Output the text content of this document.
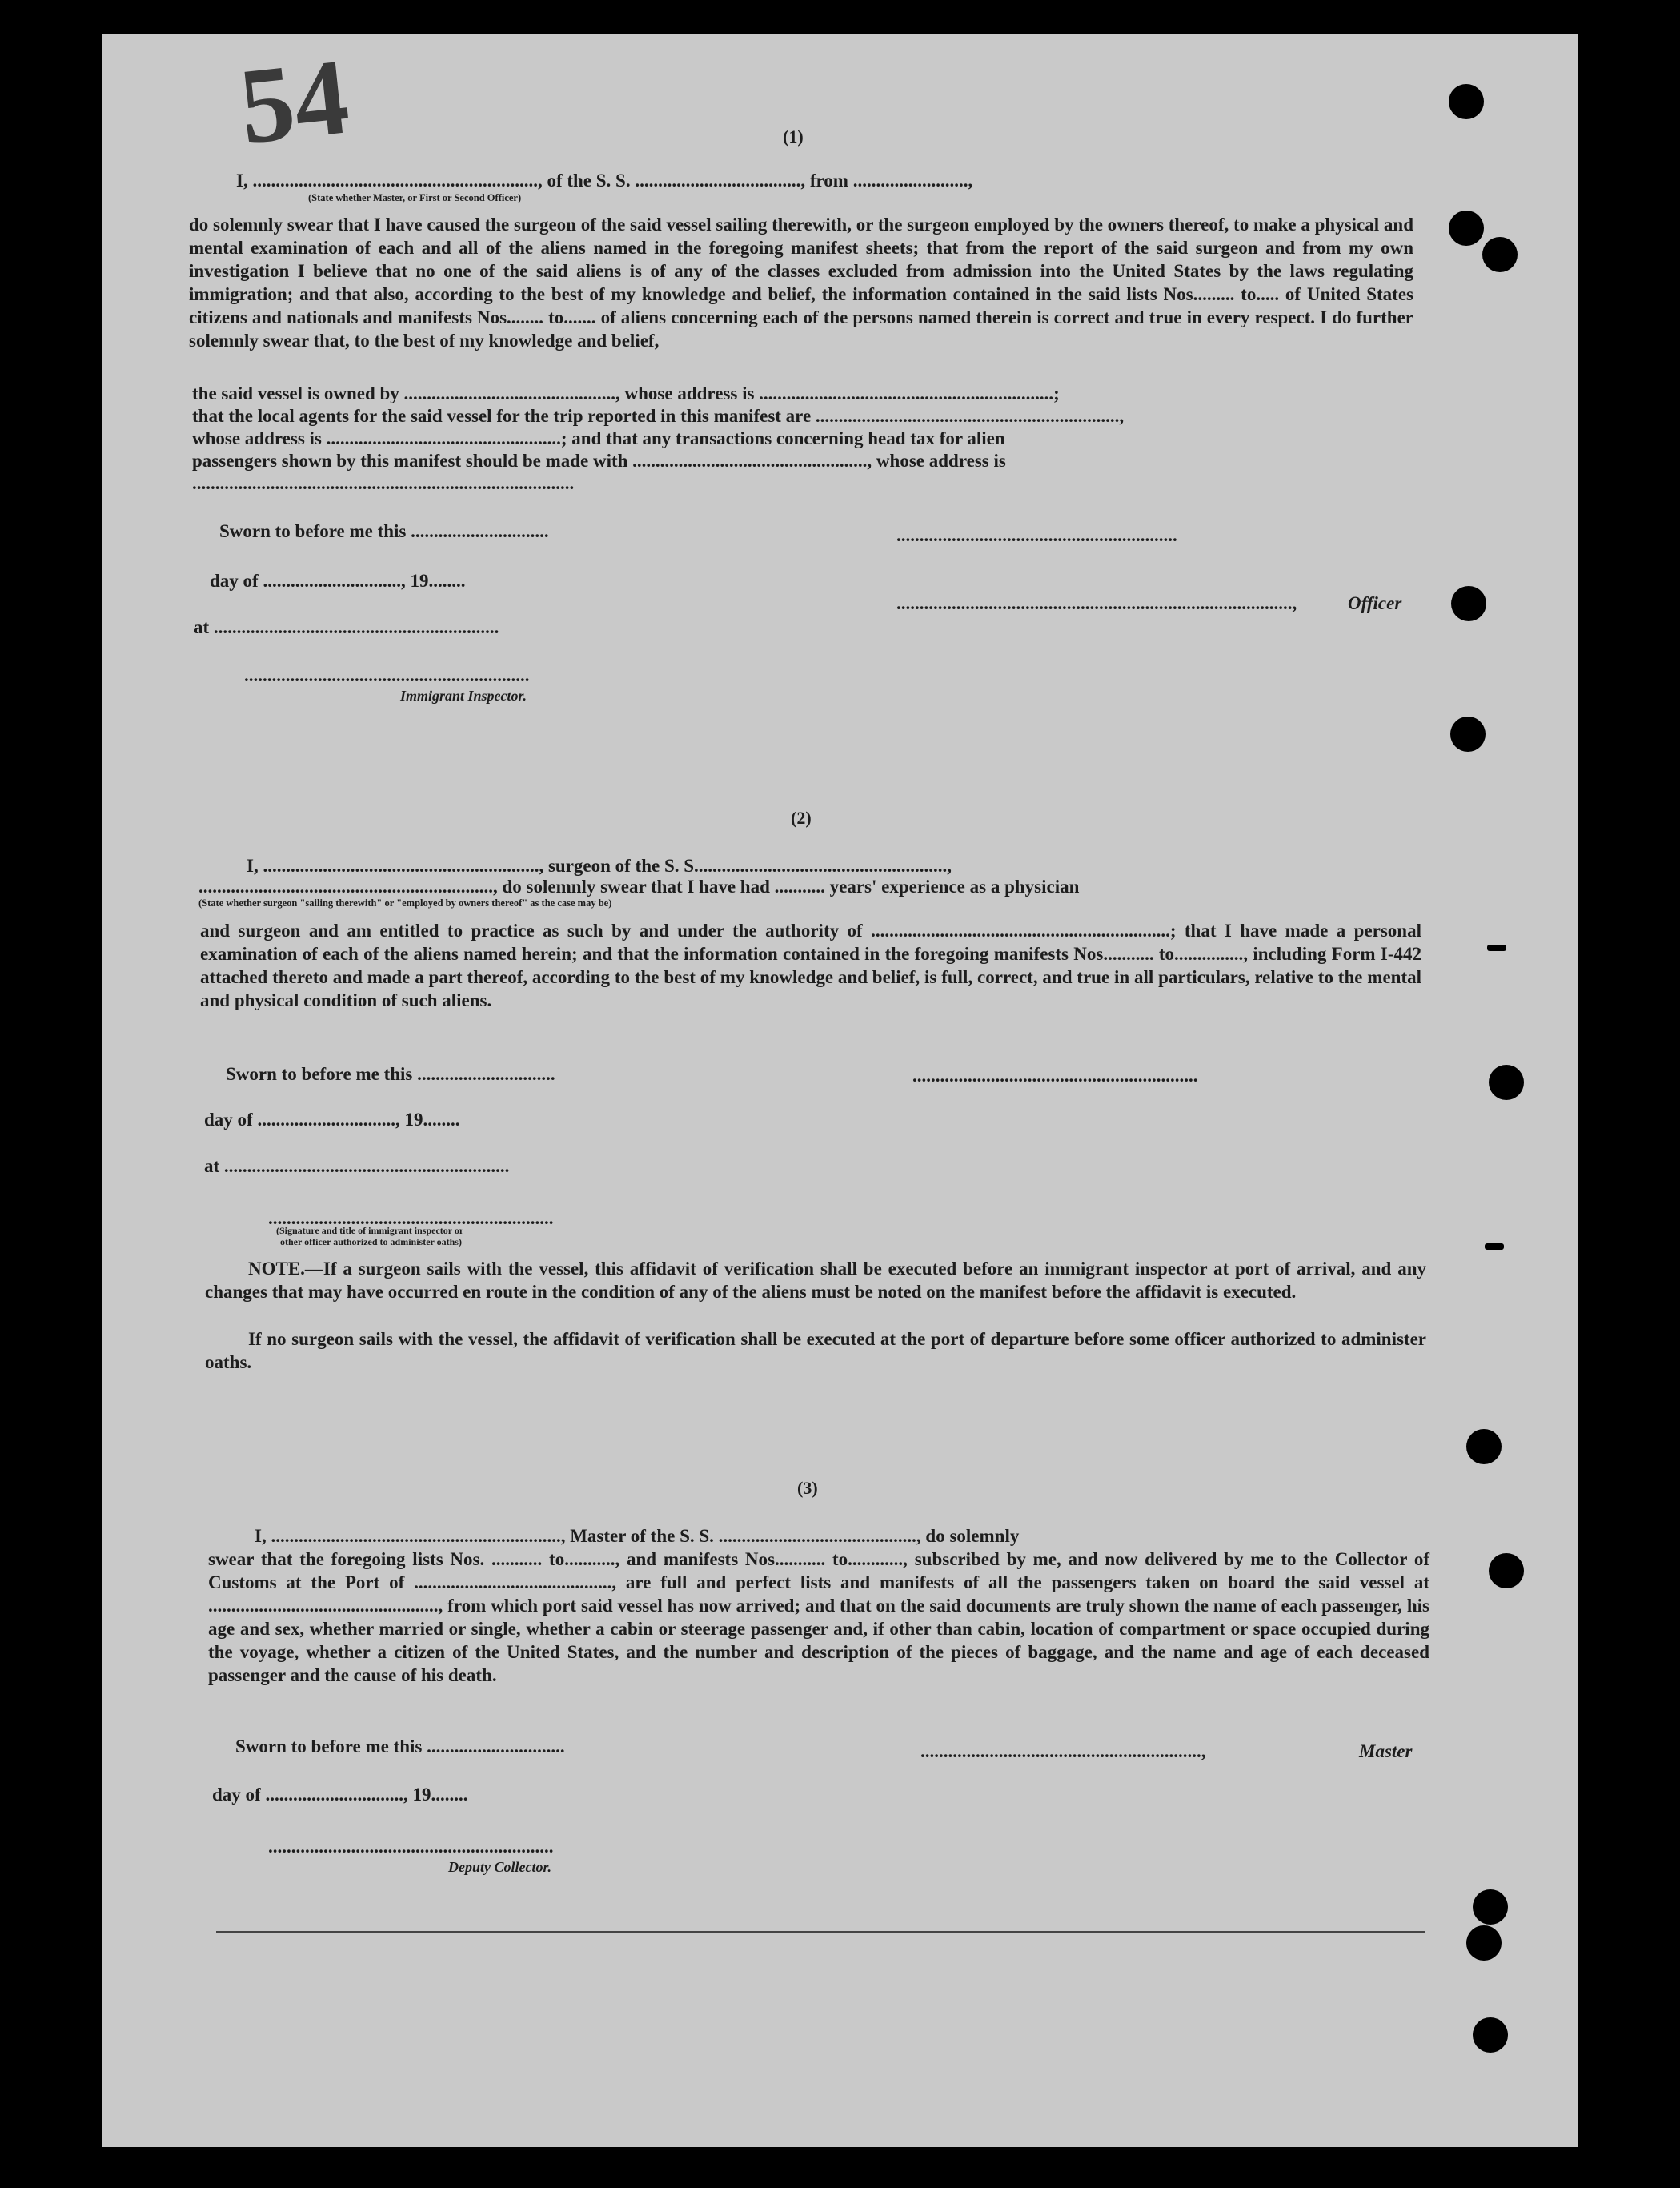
54	(1)
I, .............................................................., of the S. S. ...................................., from .........................,
(State whether Master, or First or Second Officer)
do solemnly swear that I have caused the surgeon of the said vessel sailing therewith, or the surgeon employed by the owners thereof, to make a physical and mental examination of each and all of the aliens named in the foregoing manifest sheets; that from the report of the said surgeon and from my own investigation I believe that no one of the said aliens is of any of the classes excluded from admission into the United States by the laws regulating immigration; and that also, according to the best of my knowledge and belief, the information contained in the said lists Nos......... to..... of United States citizens and nationals and manifests Nos........ to....... of aliens concerning each of the persons named therein is correct and true in every respect. I do further solemnly swear that, to the best of my knowledge and belief,
the said vessel is owned by .............................................., whose address is ................................................................;
that the local agents for the said vessel for the trip reported in this manifest are ..................................................................,
whose address is ...................................................; and that any transactions concerning head tax for alien
passengers shown by this manifest should be made with ..................................................., whose address is
...................................................................................
Sworn to before me this ..............................	.............................................................
day of .............................., 19........
......................................................................................,	Officer
at ..............................................................
..............................................................
Immigrant Inspector.
(2)
I, ............................................................, surgeon of the S. S.......................................................,
................................................................, do solemnly swear that I have had ........... years' experience as a physician
(State whether surgeon "sailing therewith" or "employed by owners thereof" as the case may be)
and surgeon and am entitled to practice as such by and under the authority of .................................................................; that I have made a personal examination of each of the aliens named herein; and that the information contained in the foregoing manifests Nos........... to..............., including Form I-442 attached thereto and made a part thereof, according to the best of my knowledge and belief, is full, correct, and true in all particulars, relative to the mental and physical condition of such aliens.
Sworn to before me this ..............................	..............................................................
day of .............................., 19........
at ..............................................................
..............................................................
(Signature and title of immigrant inspector or
other officer authorized to administer oaths)
NOTE.—If a surgeon sails with the vessel, this affidavit of verification shall be executed before an immigrant inspector at port of arrival, and any changes that may have occurred en route in the condition of any of the aliens must be noted on the manifest before the affidavit is executed.
If no surgeon sails with the vessel, the affidavit of verification shall be executed at the port of departure before some officer authorized to administer oaths.
(3)
I, ..............................................................., Master of the S. S. ..........................................., do solemnly
swear that the foregoing lists Nos. ........... to..........., and manifests Nos........... to............, subscribed by me, and now delivered by me to the Collector of Customs at the Port of ..........................................., are full and perfect lists and manifests of all the passengers taken on board the said vessel at .................................................., from which port said vessel has now arrived; and that on the said documents are truly shown the name of each passenger, his age and sex, whether married or single, whether a cabin or steerage passenger and, if other than cabin, location of compartment or space occupied during the voyage, whether a citizen of the United States, and the number and description of the pieces of baggage, and the name and age of each deceased passenger and the cause of his death.
Sworn to before me this ..............................	.............................................................,	Master
day of .............................., 19........
..............................................................
Deputy Collector.
